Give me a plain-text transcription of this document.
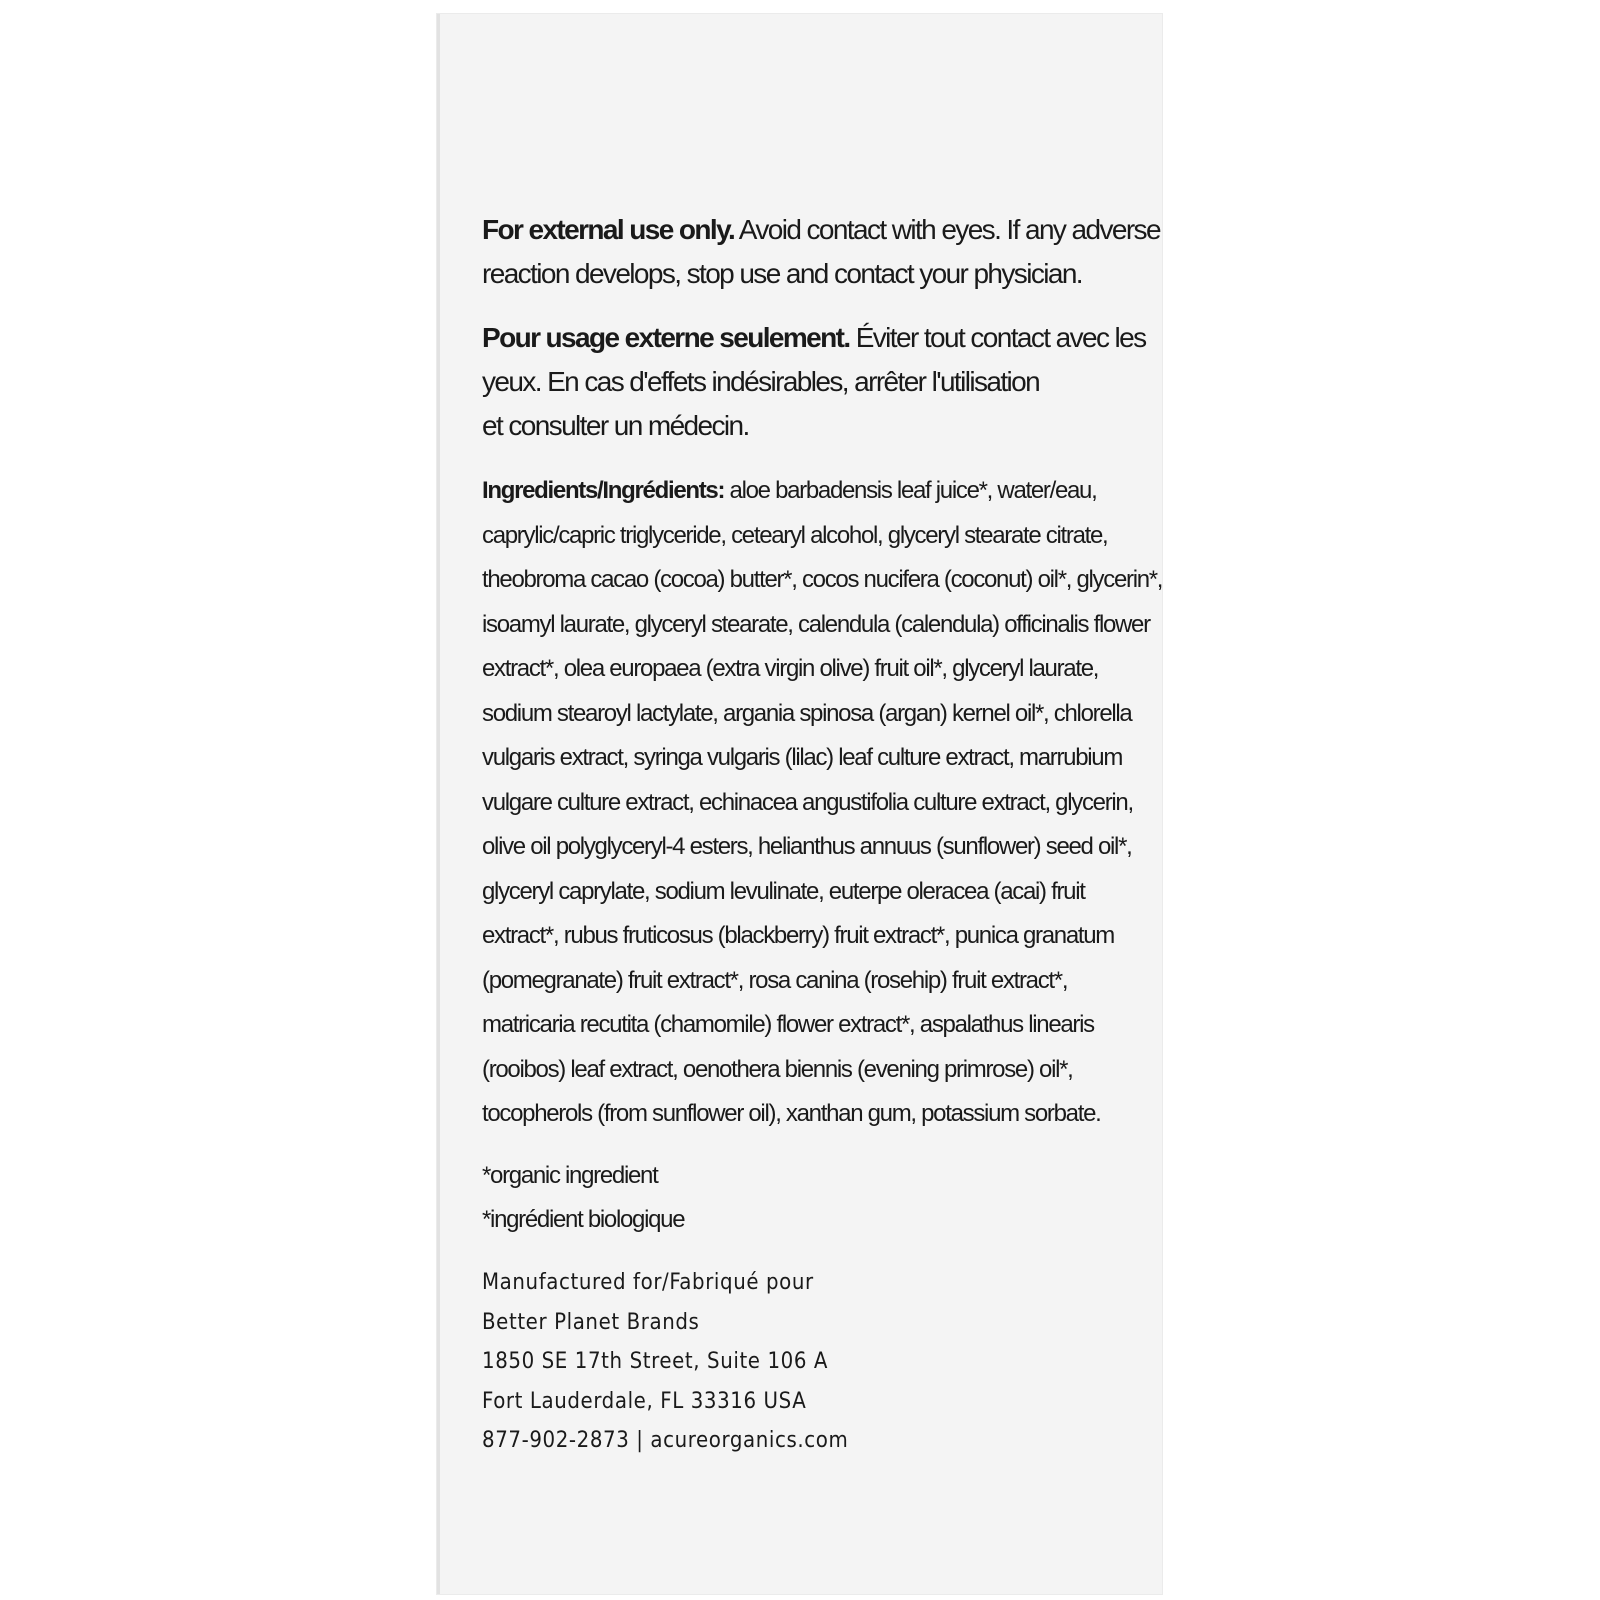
For external use only. Avoid contact with eyes. If any adverse
reaction develops, stop use and contact your physician.
Pour usage externe seulement. Éviter tout contact avec les
yeux. En cas d'effets indésirables, arrêter l'utilisation
et consulter un médecin.
Ingredients/Ingrédients: aloe barbadensis leaf juice*, water/eau,
caprylic/capric triglyceride, cetearyl alcohol, glyceryl stearate citrate,
theobroma cacao (cocoa) butter*, cocos nucifera (coconut) oil*, glycerin*,
isoamyl laurate, glyceryl stearate, calendula (calendula) officinalis flower
extract*, olea europaea (extra virgin olive) fruit oil*, glyceryl laurate,
sodium stearoyl lactylate, argania spinosa (argan) kernel oil*, chlorella
vulgaris extract, syringa vulgaris (lilac) leaf culture extract, marrubium
vulgare culture extract, echinacea angustifolia culture extract, glycerin,
olive oil polyglyceryl-4 esters, helianthus annuus (sunflower) seed oil*,
glyceryl caprylate, sodium levulinate, euterpe oleracea (acai) fruit
extract*, rubus fruticosus (blackberry) fruit extract*, punica granatum
(pomegranate) fruit extract*, rosa canina (rosehip) fruit extract*,
matricaria recutita (chamomile) flower extract*, aspalathus linearis
(rooibos) leaf extract, oenothera biennis (evening primrose) oil*,
tocopherols (from sunflower oil), xanthan gum, potassium sorbate.
*organic ingredient
*ingrédient biologique
Manufactured for/Fabriqué pour
Better Planet Brands
1850 SE 17th Street, Suite 106 A
Fort Lauderdale, FL 33316 USA
877-902-2873 | acureorganics.com
